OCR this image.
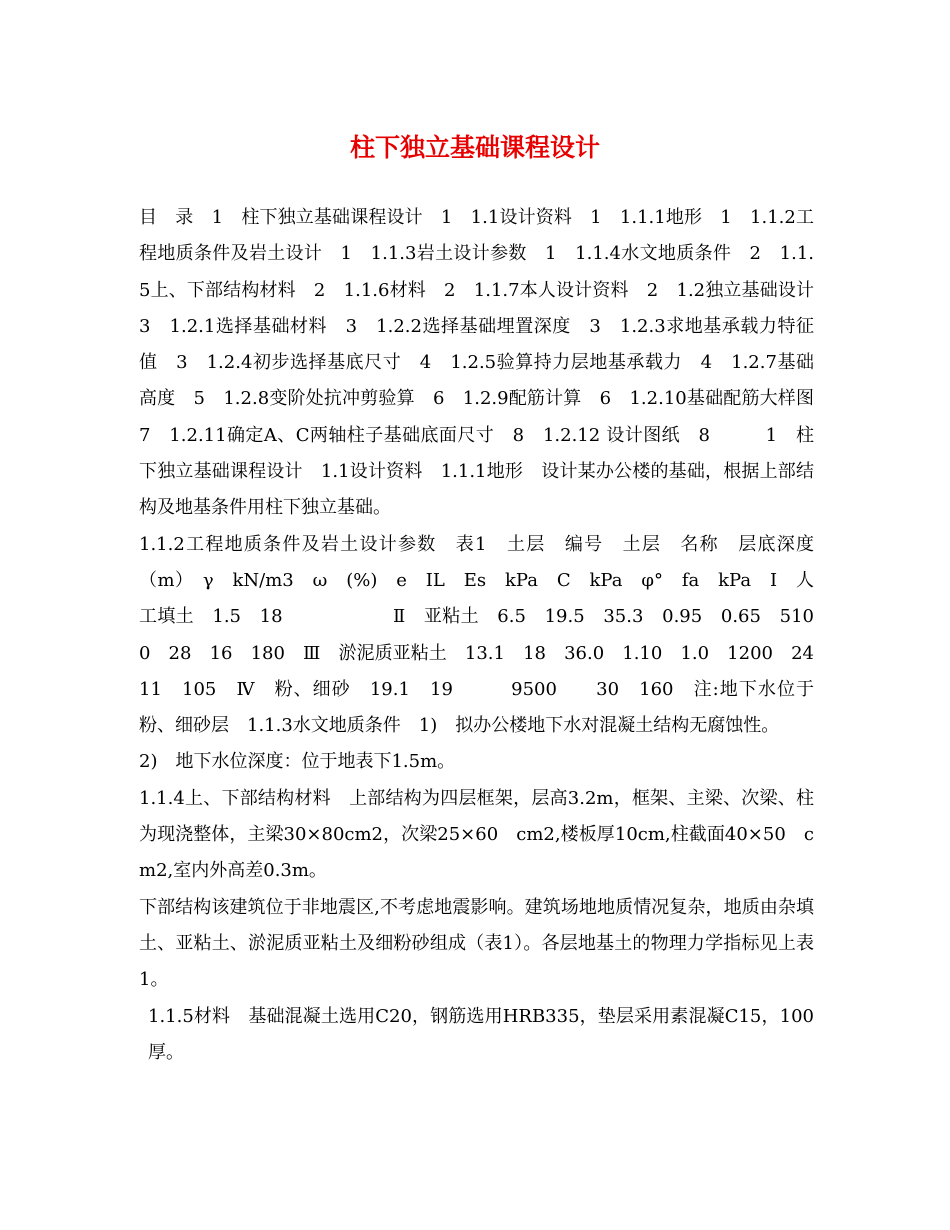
柱下独立基础课程设计

目　录　1　柱下独立基础课程设计　1　1.1设计资料　1　1.1.1地形　1　1.1.2工程地质条件及岩土设计　1　1.1.3岩土设计参数　1　1.1.4水文地质条件　2　1.1.5上、下部结构材料　2　1.1.6材料　2　1.1.7本人设计资料　2　1.2独立基础设计　3　1.2.1选择基础材料　3　1.2.2选择基础埋置深度　3　1.2.3求地基承载力特征值　3　1.2.4初步选择基底尺寸　4　1.2.5验算持力层地基承载力　4　1.2.7基础高度　5　1.2.8变阶处抗冲剪验算　6　1.2.9配筋计算　6　1.2.10基础配筋大样图　7　1.2.11确定A、C两轴柱子基础底面尺寸　8　1.2.12 设计图纸　8　　　1　柱下独立基础课程设计　1.1设计资料　1.1.1地形　设计某办公楼的基础，根据上部结构及地基条件用柱下独立基础。

1.1.2工程地质条件及岩土设计参数　表1　土层　编号　土层　名称　层底深度　（m）　γ　kN/m3　ω　(%)　e　IL　Es　kPa　C　kPa　φ°　fa　kPa　Ⅰ　人工填土　1.5　18　　　　　　Ⅱ　亚粘土　6.5　19.5　35.3　0.95　0.65　5100　28　16　180　Ⅲ　淤泥质亚粘土　13.1　18　36.0　1.10　1.0　1200　24　11　105　Ⅳ　粉、细砂　19.1　19　　　9500　　30　160　注:地下水位于粉、细砂层　1.1.3水文地质条件　1)　拟办公楼地下水对混凝土结构无腐蚀性。

2)　地下水位深度：位于地表下1.5m。

1.1.4上、下部结构材料　上部结构为四层框架，层高3.2m，框架、主梁、次梁、柱为现浇整体，主梁30×80cm2，次梁25×60　cm2,楼板厚10cm,柱截面40×50　cm2,室内外高差0.3m。

下部结构该建筑位于非地震区,不考虑地震影响。建筑场地地质情况复杂，地质由杂填土、亚粘土、淤泥质亚粘土及细粉砂组成（表1）。各层地基土的物理力学指标见上表1。

1.1.5材料　基础混凝土选用C20，钢筋选用HRB335，垫层采用素混凝C15，100厚。
